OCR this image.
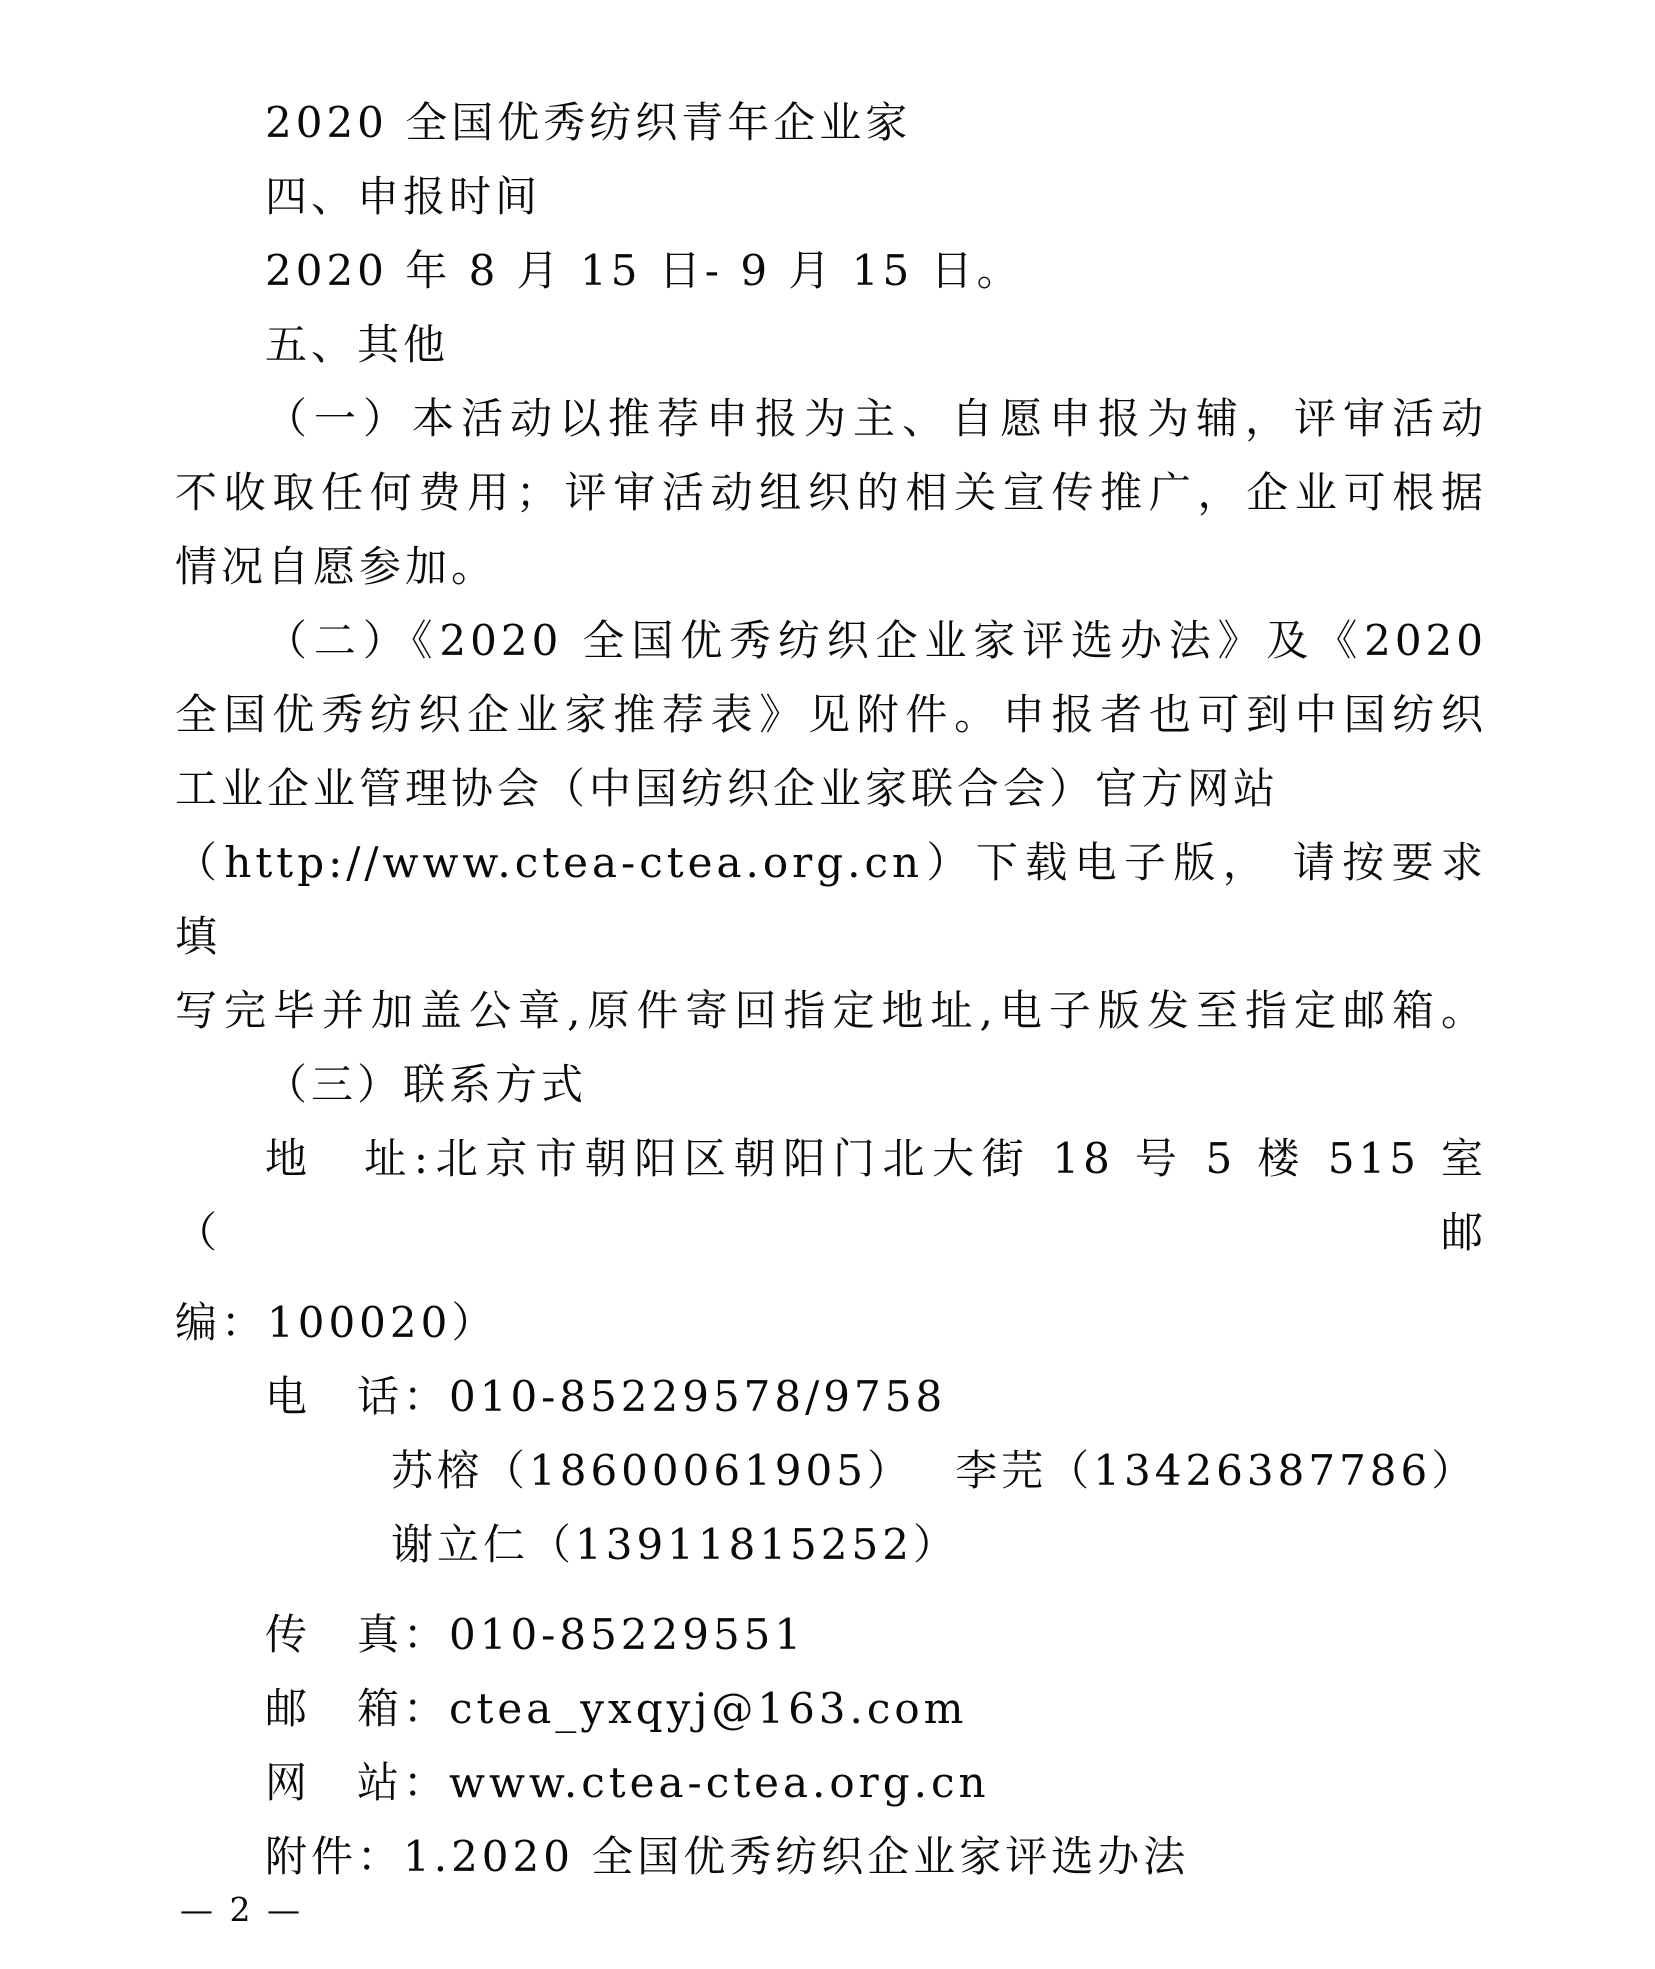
2020 全国优秀纺织青年企业家
四、申报时间
2020 年 8 月 15 日- 9 月 15 日。
五、其他
（一）本活动以推荐申报为主、自愿申报为辅，评审活动
不收取任何费用；评审活动组织的相关宣传推广，企业可根据
情况自愿参加。
（二）《2020 全国优秀纺织企业家评选办法》及《2020
全国优秀纺织企业家推荐表》见附件。申报者也可到中国纺织
工业企业管理协会（中国纺织企业家联合会）官方网站
（http://www.ctea-ctea.org.cn）下载电子版， 请按要求填
写完毕并加盖公章,原件寄回指定地址,电子版发至指定邮箱。
（三）联系方式
地　址:北京市朝阳区朝阳门北大街 18 号 5 楼 515 室（邮
编：100020）
电　话：010-85229578/9758
苏榕（18600061905）　 李芫（13426387786）
谢立仁（13911815252）
传　真：010-85229551
邮　箱：ctea_yxqyj@163.com
网　站：www.ctea-ctea.org.cn
附件：1.2020 全国优秀纺织企业家评选办法
— 2 —
